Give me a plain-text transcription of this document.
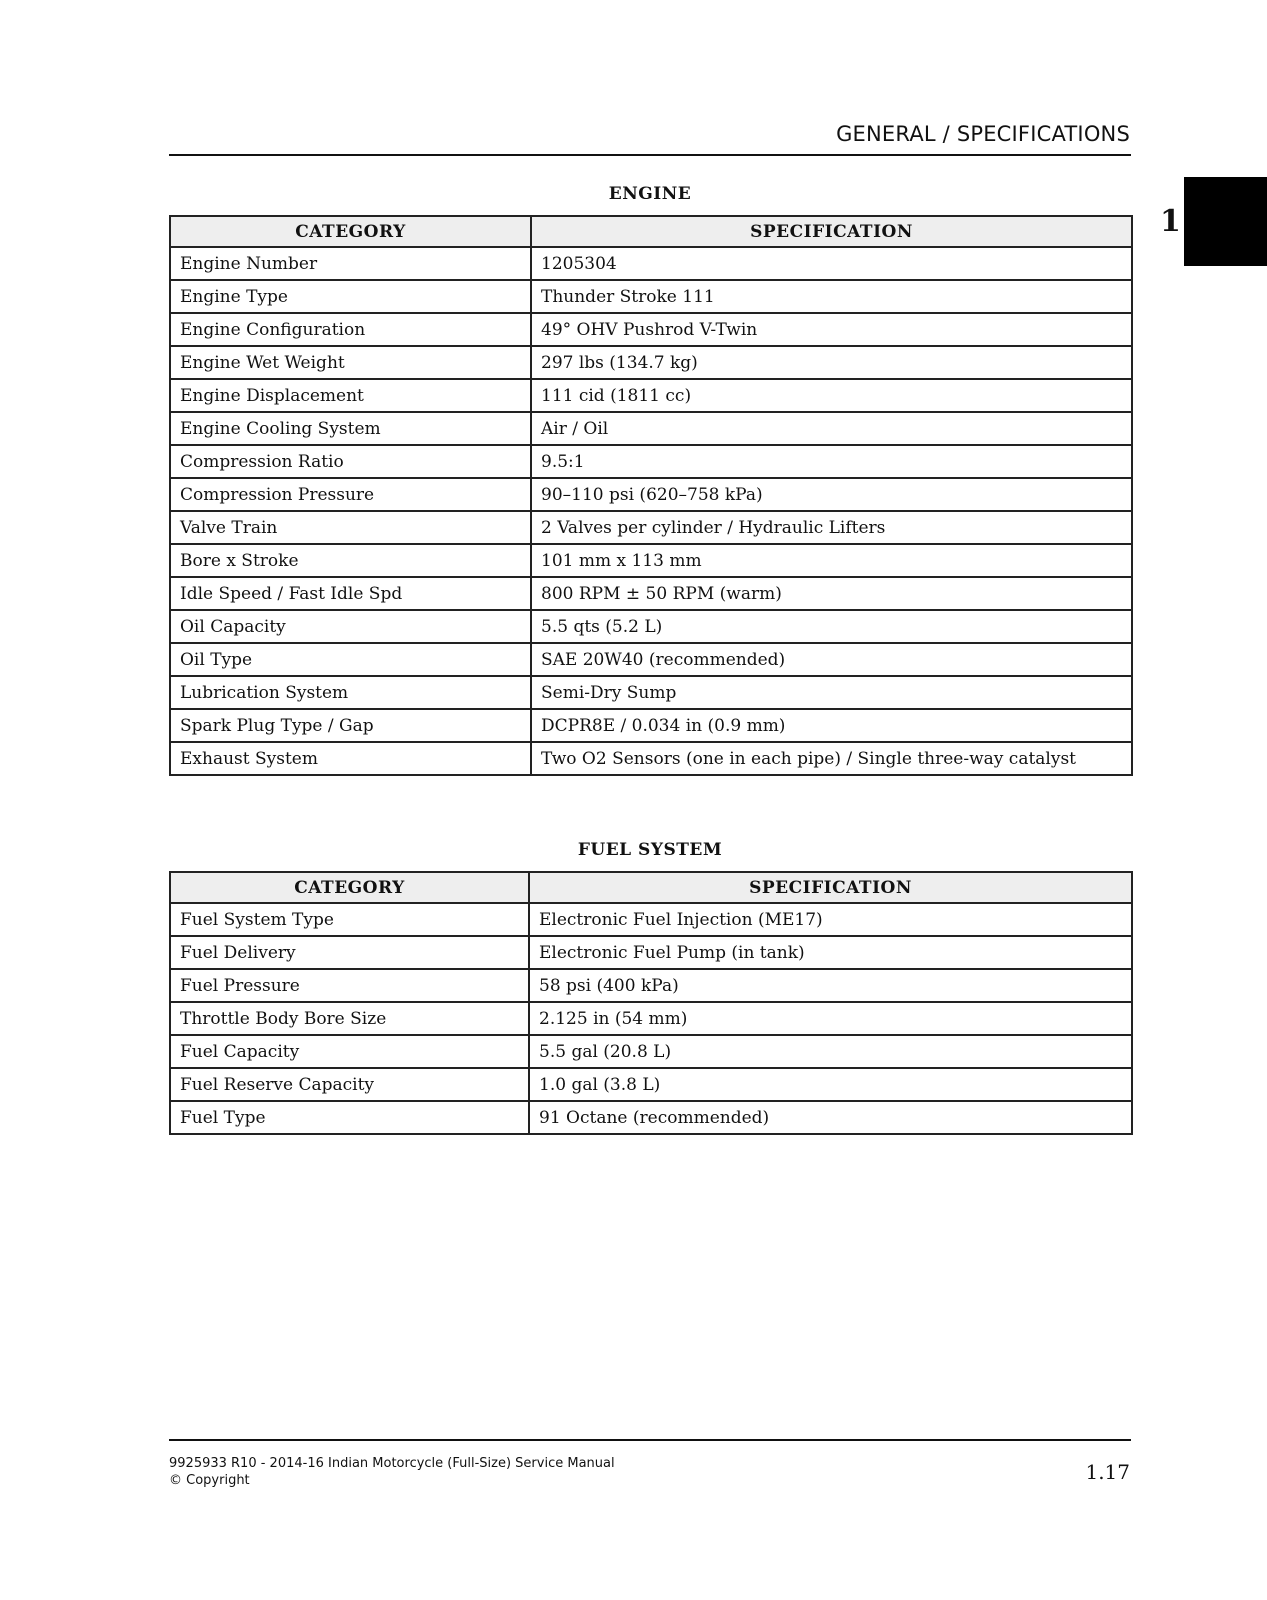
GENERAL / SPECIFICATIONS
1
ENGINE
CATEGORY	SPECIFICATION
Engine Number	1205304
Engine Type	Thunder Stroke 111
Engine Configuration	49° OHV Pushrod V-Twin
Engine Wet Weight	297 lbs (134.7 kg)
Engine Displacement	111 cid (1811 cc)
Engine Cooling System	Air / Oil
Compression Ratio	9.5:1
Compression Pressure	90–110 psi (620–758 kPa)
Valve Train	2 Valves per cylinder / Hydraulic Lifters
Bore x Stroke	101 mm x 113 mm
Idle Speed / Fast Idle Spd	800 RPM ± 50 RPM (warm)
Oil Capacity	5.5 qts (5.2 L)
Oil Type	SAE 20W40 (recommended)
Lubrication System	Semi-Dry Sump
Spark Plug Type / Gap	DCPR8E / 0.034 in (0.9 mm)
Exhaust System	Two O2 Sensors (one in each pipe) / Single three-way catalyst
FUEL SYSTEM
CATEGORY	SPECIFICATION
Fuel System Type	Electronic Fuel Injection (ME17)
Fuel Delivery	Electronic Fuel Pump (in tank)
Fuel Pressure	58 psi (400 kPa)
Throttle Body Bore Size	2.125 in (54 mm)
Fuel Capacity	5.5 gal (20.8 L)
Fuel Reserve Capacity	1.0 gal (3.8 L)
Fuel Type	91 Octane (recommended)
9925933 R10 - 2014-16 Indian Motorcycle (Full-Size) Service Manual
© Copyright	1.17
